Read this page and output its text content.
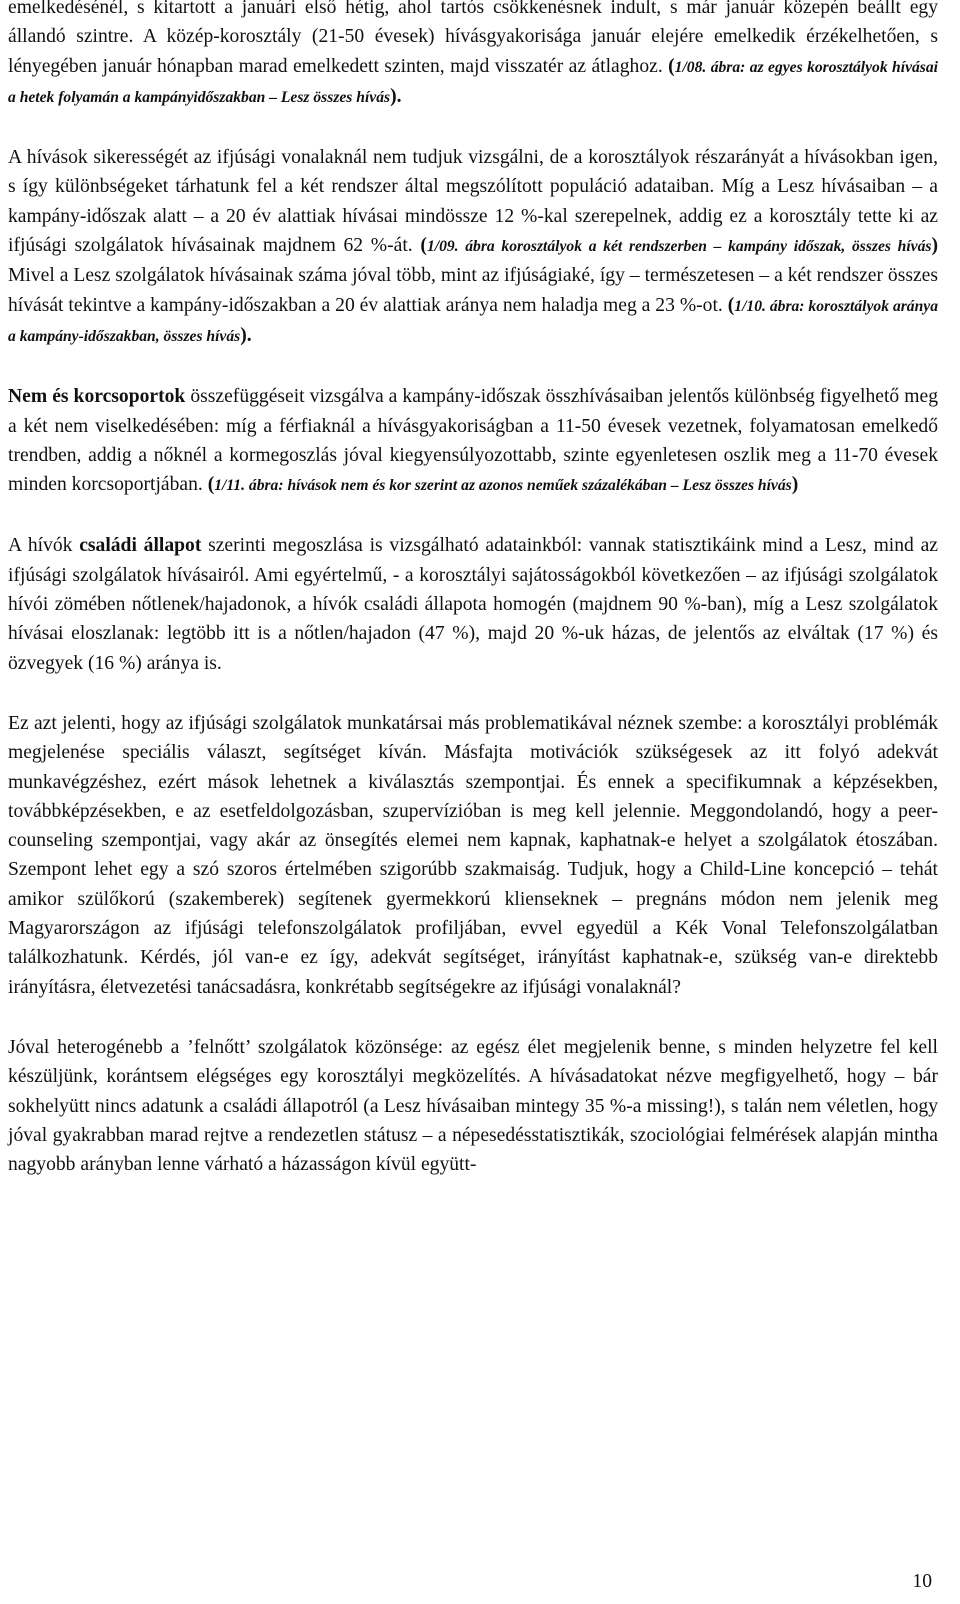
emelkedésénél, s kitartott a januári első hétig, ahol tartós csökkenésnek indult, s már január közepén beállt egy állandó szintre. A közép-korosztály (21-50 évesek) hívásgyakorisága január elejére emelkedik érzékelhetően, s lényegében január hónapban marad emelkedett szinten, majd visszatér az átlaghoz. (1/08. ábra: az egyes korosztályok hívásai a hetek folyamán a kampányidőszakban – Lesz összes hívás).

A hívások sikerességét az ifjúsági vonalaknál nem tudjuk vizsgálni, de a korosztályok részarányát a hívásokban igen, s így különbségeket tárhatunk fel a két rendszer által megszólított populáció adataiban. Míg a Lesz hívásaiban – a kampány-időszak alatt – a 20 év alattiak hívásai mindössze 12 %-kal szerepelnek, addig ez a korosztály tette ki az ifjúsági szolgálatok hívásainak majdnem 62 %-át. (1/09. ábra korosztályok a két rendszerben – kampány időszak, összes hívás) Mivel a Lesz szolgálatok hívásainak száma jóval több, mint az ifjúságiaké, így – természetesen – a két rendszer összes hívását tekintve a kampány-időszakban a 20 év alattiak aránya nem haladja meg a 23 %-ot. (1/10. ábra: korosztályok aránya a kampány-időszakban, összes hívás).

Nem és korcsoportok összefüggéseit vizsgálva a kampány-időszak összhívásaiban jelentős különbség figyelhető meg a két nem viselkedésében: míg a férfiaknál a hívásgyakoriságban a 11-50 évesek vezetnek, folyamatosan emelkedő trendben, addig a nőknél a kormegoszlás jóval kiegyensúlyozottabb, szinte egyenletesen oszlik meg a 11-70 évesek minden korcsoportjában. (1/11. ábra: hívások nem és kor szerint az azonos neműek százalékában – Lesz összes hívás)

A hívók családi állapot szerinti megoszlása is vizsgálható adatainkból: vannak statisztikáink mind a Lesz, mind az ifjúsági szolgálatok hívásairól. Ami egyértelmű, - a korosztályi sajátosságokból következően – az ifjúsági szolgálatok hívói zömében nőtlenek/hajadonok, a hívók családi állapota homogén (majdnem 90 %-ban), míg a Lesz szolgálatok hívásai eloszlanak: legtöbb itt is a nőtlen/hajadon (47 %), majd 20 %-uk házas, de jelentős az elváltak (17 %) és özvegyek (16 %) aránya is.

Ez azt jelenti, hogy az ifjúsági szolgálatok munkatársai más problematikával néznek szembe: a korosztályi problémák megjelenése speciális választ, segítséget kíván. Másfajta motivációk szükségesek az itt folyó adekvát munkavégzéshez, ezért mások lehetnek a kiválasztás szempontjai. És ennek a specifikumnak a képzésekben, továbbképzésekben, e az esetfeldolgozásban, szupervízióban is meg kell jelennie. Meggondolandó, hogy a peer-counseling szempontjai, vagy akár az önsegítés elemei nem kapnak, kaphatnak-e helyet a szolgálatok étoszában. Szempont lehet egy a szó szoros értelmében szigorúbb szakmaiság. Tudjuk, hogy a Child-Line koncepció – tehát amikor szülőkorú (szakemberek) segítenek gyermekkorú klienseknek – pregnáns módon nem jelenik meg Magyarországon az ifjúsági telefonszolgálatok profiljában, evvel egyedül a Kék Vonal Telefonszolgálatban találkozhatunk. Kérdés, jól van-e ez így, adekvát segítséget, irányítást kaphatnak-e, szükség van-e direktebb irányításra, életvezetési tanácsadásra, konkrétabb segítségekre az ifjúsági vonalaknál?

Jóval heterogénebb a ’felnőtt’ szolgálatok közönsége: az egész élet megjelenik benne, s minden helyzetre fel kell készüljünk, korántsem elégséges egy korosztályi megközelítés. A hívásadatokat nézve megfigyelhető, hogy – bár sokhelyütt nincs adatunk a családi állapotról (a Lesz hívásaiban mintegy 35 %-a missing!), s talán nem véletlen, hogy jóval gyakrabban marad rejtve a rendezetlen státusz – a népesedésstatisztikák, szociológiai felmérések alapján mintha nagyobb arányban lenne várható a házasságon kívül együtt-

10
